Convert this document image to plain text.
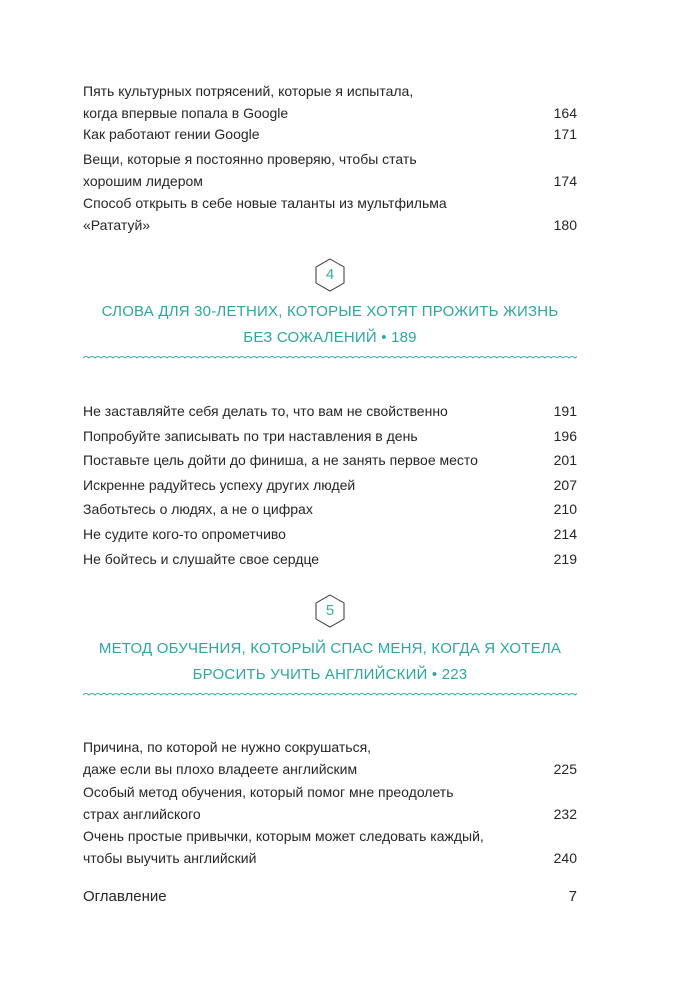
Пять культурных потрясений, которые я испытала,
когда впервые попала в Google	164
Как работают гении Google	171
Вещи, которые я постоянно проверяю, чтобы стать
хорошим лидером	174
Способ открыть в себе новые таланты из мультфильма
«Рататуй»	180
4
СЛОВА ДЛЯ 30-ЛЕТНИХ, КОТОРЫЕ ХОТЯТ ПРОЖИТЬ ЖИЗНЬ
БЕЗ СОЖАЛЕНИЙ • 189
Не заставляйте себя делать то, что вам не свойственно	191
Попробуйте записывать по три наставления в день	196
Поставьте цель дойти до финиша, а не занять первое место	201
Искренне радуйтесь успеху других людей	207
Заботьтесь о людях, а не о цифрах	210
Не судите кого-то опрометчиво	214
Не бойтесь и слушайте свое сердце	219
5
МЕТОД ОБУЧЕНИЯ, КОТОРЫЙ СПАС МЕНЯ, КОГДА Я ХОТЕЛА
БРОСИТЬ УЧИТЬ АНГЛИЙСКИЙ • 223
Причина, по которой не нужно сокрушаться,
даже если вы плохо владеете английским	225
Особый метод обучения, который помог мне преодолеть
страх английского	232
Очень простые привычки, которым может следовать каждый,
чтобы выучить английский	240
Оглавление	7
